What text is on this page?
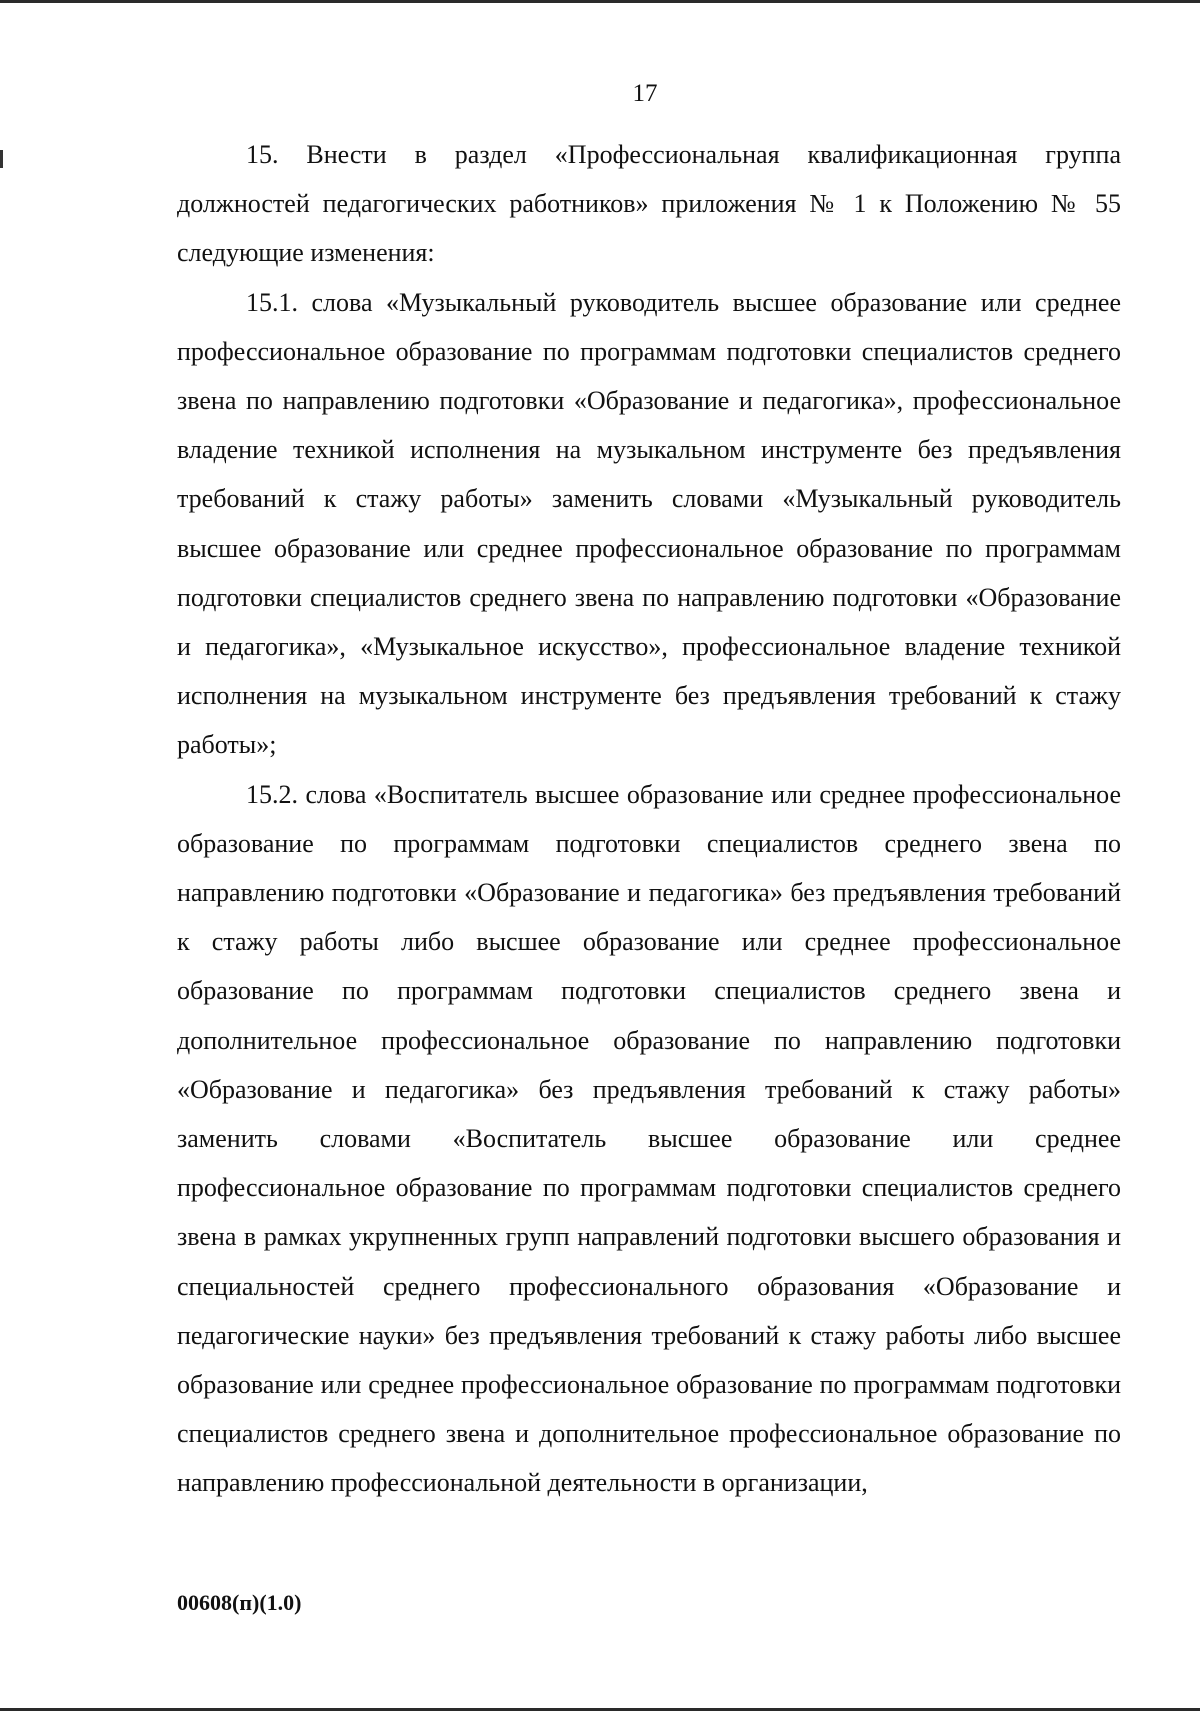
17

15. Внести в раздел «Профессиональная квалификационная группа должностей педагогических работников» приложения № 1 к Положению № 55 следующие изменения:

15.1. слова «Музыкальный руководитель высшее образование или среднее профессиональное образование по программам подготовки специалистов среднего звена по направлению подготовки «Образование и педагогика», профессиональное владение техникой исполнения на музыкальном инструменте без предъявления требований к стажу работы» заменить словами «Музыкальный руководитель высшее образование или среднее профессиональное образование по программам подготовки специалистов среднего звена по направлению подготовки «Образование и педагогика», «Музыкальное искусство», профессиональное владение техникой исполнения на музыкальном инструменте без предъявления требований к стажу работы»;

15.2. слова «Воспитатель высшее образование или среднее профессиональное образование по программам подготовки специалистов среднего звена по направлению подготовки «Образование и педагогика» без предъявления требований к стажу работы либо высшее образование или среднее профессиональное образование по программам подготовки специалистов среднего звена и дополнительное профессиональное образование по направлению подготовки «Образование и педагогика» без предъявления требований к стажу работы» заменить словами «Воспитатель высшее образование или среднее профессиональное образование по программам подготовки специалистов среднего звена в рамках укрупненных групп направлений подготовки высшего образования и специальностей среднего профессионального образования «Образование и педагогические науки» без предъявления требований к стажу работы либо высшее образование или среднее профессиональное образование по программам подготовки специалистов среднего звена и дополнительное профессиональное образование по направлению профессиональной деятельности в организации,

00608(п)(1.0)
